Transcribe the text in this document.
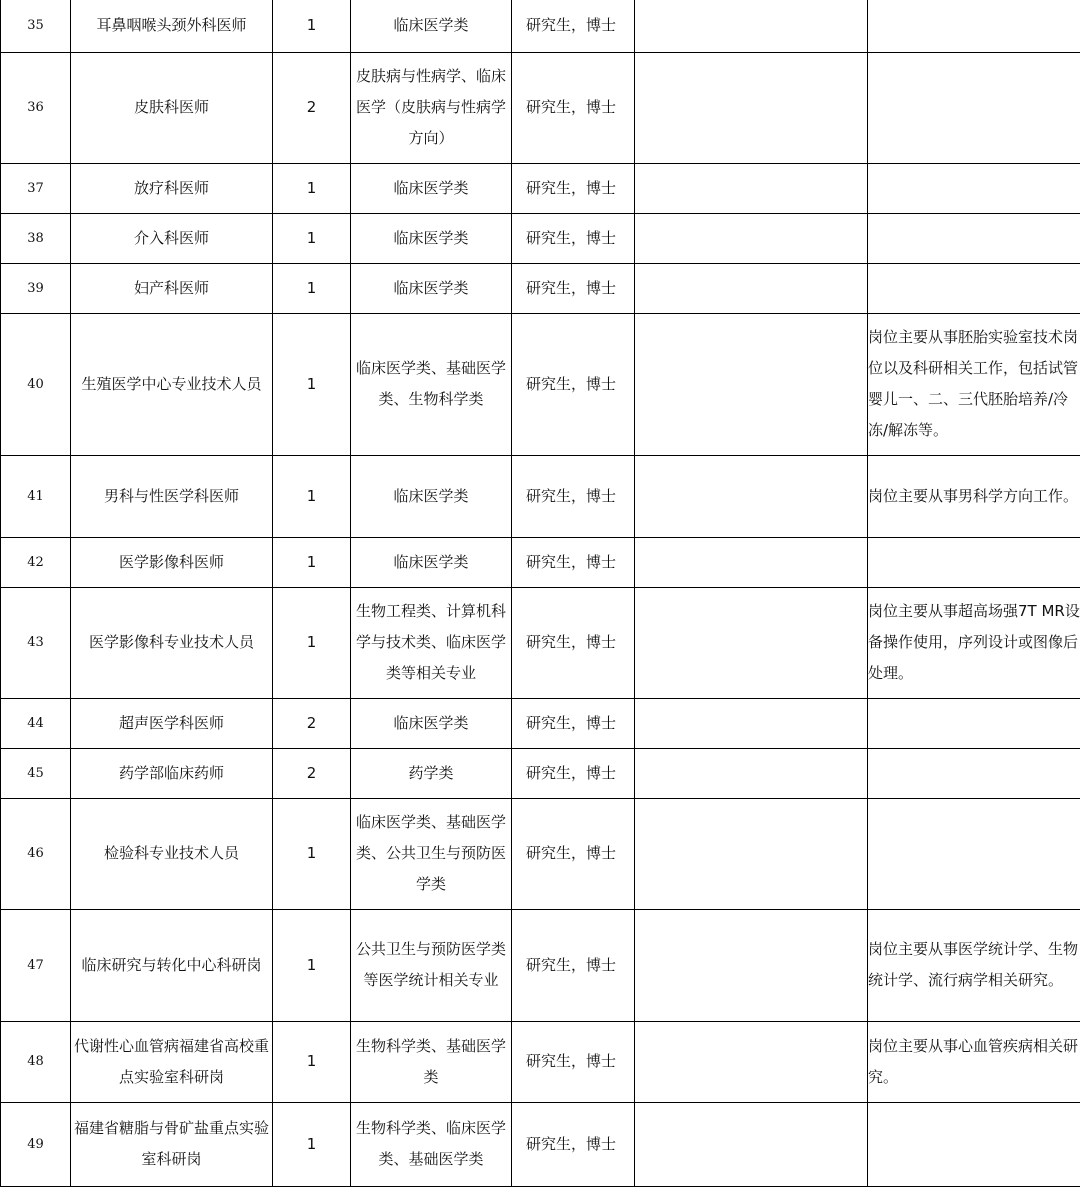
35	耳鼻咽喉头颈外科医师	1	临床医学类	研究生，博士		
36	皮肤科医师	2	皮肤病与性病学、临床医学（皮肤病与性病学方向）	研究生，博士		
37	放疗科医师	1	临床医学类	研究生，博士		
38	介入科医师	1	临床医学类	研究生，博士		
39	妇产科医师	1	临床医学类	研究生，博士		
40	生殖医学中心专业技术人员	1	临床医学类、基础医学类、生物科学类	研究生，博士		岗位主要从事胚胎实验室技术岗位以及科研相关工作，包括试管婴儿一、二、三代胚胎培养/冷冻/解冻等。
41	男科与性医学科医师	1	临床医学类	研究生，博士		岗位主要从事男科学方向工作。
42	医学影像科医师	1	临床医学类	研究生，博士		
43	医学影像科专业技术人员	1	生物工程类、计算机科学与技术类、临床医学类等相关专业	研究生，博士		岗位主要从事超高场强7T MR设备操作使用，序列设计或图像后处理。
44	超声医学科医师	2	临床医学类	研究生，博士		
45	药学部临床药师	2	药学类	研究生，博士		
46	检验科专业技术人员	1	临床医学类、基础医学类、公共卫生与预防医学类	研究生，博士		
47	临床研究与转化中心科研岗	1	公共卫生与预防医学类等医学统计相关专业	研究生，博士		岗位主要从事医学统计学、生物统计学、流行病学相关研究。
48	代谢性心血管病福建省高校重点实验室科研岗	1	生物科学类、基础医学类	研究生，博士		岗位主要从事心血管疾病相关研究。
49	福建省糖脂与骨矿盐重点实验室科研岗	1	生物科学类、临床医学类、基础医学类	研究生，博士		
